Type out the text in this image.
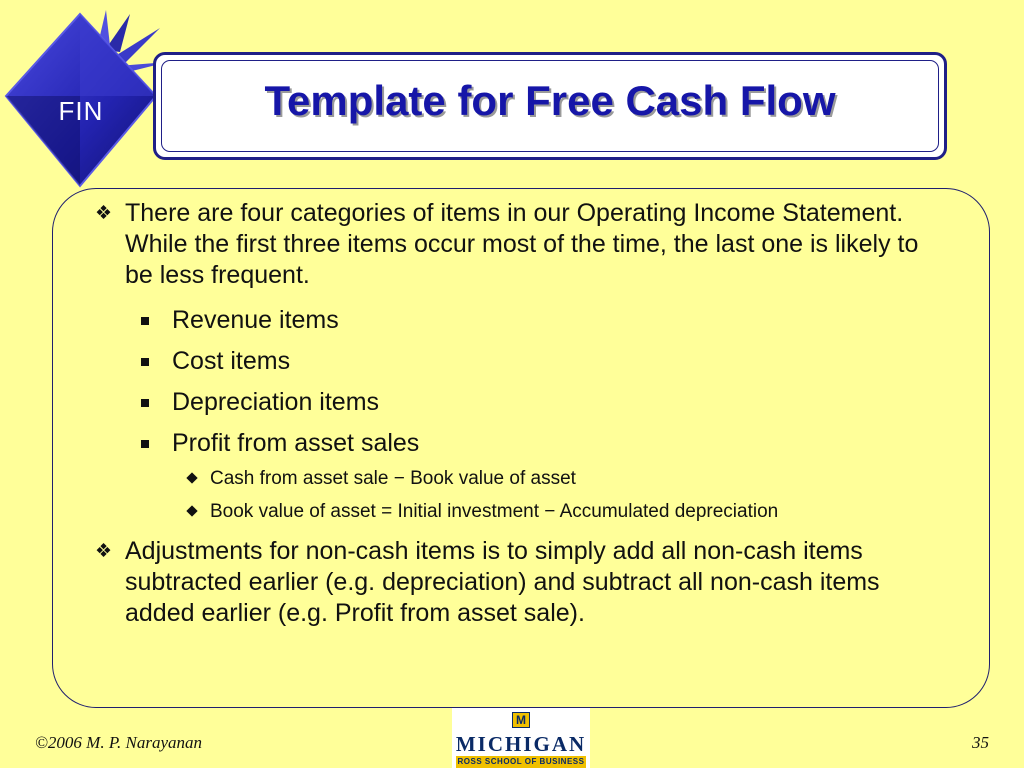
FIN	Template for Free Cash Flow
❖ There are four categories of items in our Operating Income Statement. While the first three items occur most of the time, the last one is likely to be less frequent.
Revenue items
Cost items
Depreciation items
Profit from asset sales
Cash from asset sale − Book value of asset
Book value of asset = Initial investment − Accumulated depreciation
❖ Adjustments for non-cash items is to simply add all non-cash items subtracted earlier (e.g. depreciation) and subtract all non-cash items added earlier (e.g. Profit from asset sale).
©2006 M. P. Narayanan
M
MICHIGAN
ROSS SCHOOL OF BUSINESS
35
